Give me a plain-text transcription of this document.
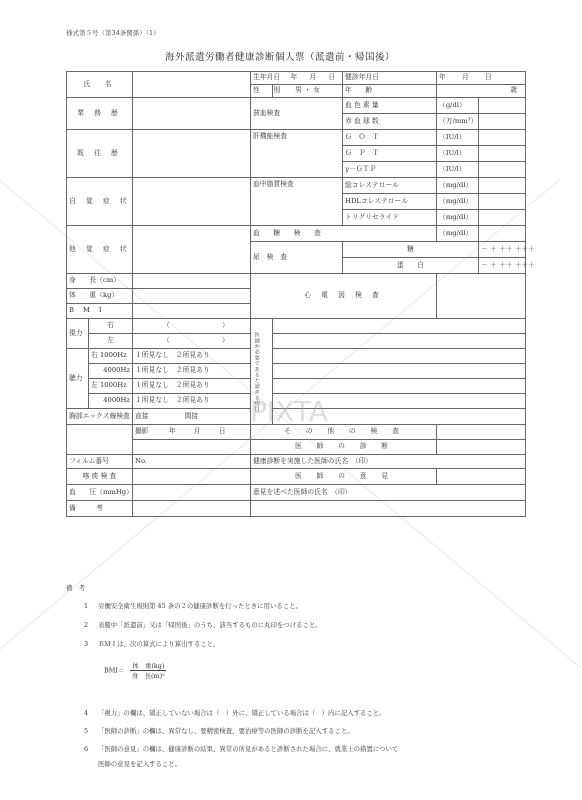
様式第５号（第34条関係）（1）
海外派遣労働者健康診断個人票（派遣前・帰国後）
氏　名			生年月日 年 月 日		健診年月日	年 月 日	
			性　　別	男 ・ 女	年　　齢	歳	
業 務 歴			貧血検査		血 色 素 量	（g/dl）	
					赤 血 球 数	（万/mm³）	
既 往 歴			肝機能検査		Ｇ　Ｏ　Ｔ	（IU/l）	
					Ｇ　Ｐ　Ｔ	（IU/l）	
					γ－ＧＴＰ	（IU/l）	
自 覚 症 状			血中脂質検査		総コレステロール	（mg/dl）	
					HDLコレステロール	（mg/dl）	
					トリグリセライド	（mg/dl）	
他 覚 症 状			血　　糖　　検　　査			（mg/dl）	
			尿　検　査		糖		－ ＋ ＋＋ ＋＋＋
					蛋　　白		－ ＋ ＋＋ ＋＋＋
身　　長（cm）			心 電 図 検 査				
体　　重（kg）							
B　 M　 I							
視力	右	（ ）	医師が必要であると認める項目				

	左	（ ）					
聴力	右 1000Hz	１所見なし　２所見あり					
	4000Hz	１所見なし　２所見あり					
	左 1000Hz	１所見なし　２所見あり					
	4000Hz	１所見なし　２所見あり					
胸部エックス線検査		直接 間接					
		撮影 年 月 日	そ　の　他　の　検　査				
			医　師　の　診　断				
フィルム番号		No.	健康診断を実施した医師の氏名　（印）				
喀 痰 検 査			医　師　の　意　見				
血　　圧（mmHg）			意見を述べた医師の氏名　（印）				
備　　　考							
備　考
1 労働安全衛生規則第 45 条の２の健康診断を行ったときに用いること。
2 表題中「派遣前」又は「帰国後」のうち、該当するものに丸印をつけること。
3 ＢＭＩは、次の算式により算出すること。
$BMI= \frac{\text{体　重(kg)}}{\text{身　長(m)²}}$
4 「視力」の欄は、矯正していない場合は（　）外に、矯正している場合は（　）内に記入すること。
5 「医師の診断」の欄は、異常なし、要精密検査、要治療等の医師の診断を記入すること。
6 「医師の意見」の欄は、健康診断の結果、異常の所見があると診断された場合に、就業上の措置について
医師の意見を記入すること。
PIXTA
